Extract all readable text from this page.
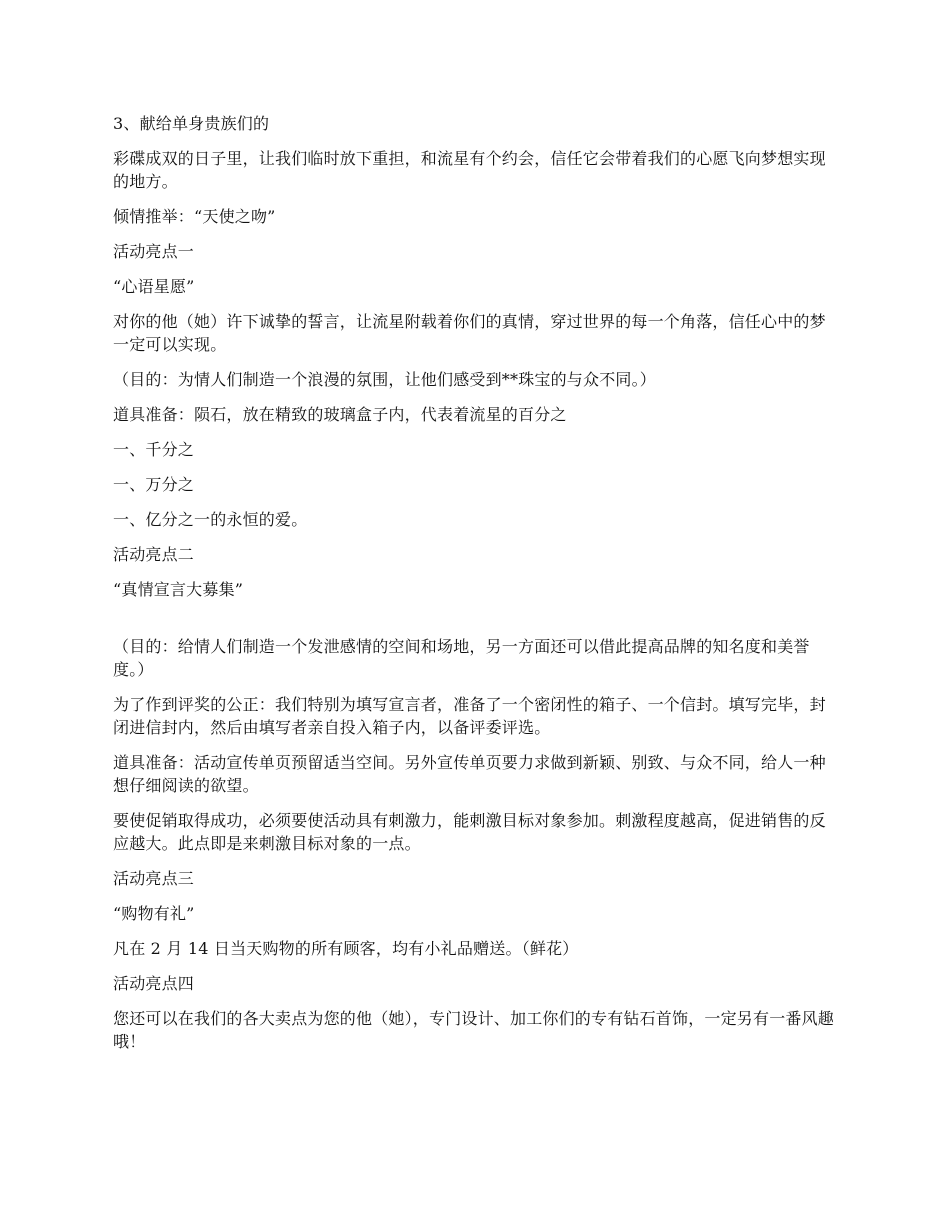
3、献给单身贵族们的

彩碟成双的日子里，让我们临时放下重担，和流星有个约会，信任它会带着我们的心愿飞向梦想实现的地方。

倾情推举：“天使之吻”

活动亮点一

“心语星愿”

对你的他（她）许下诚挚的誓言，让流星附载着你们的真情，穿过世界的每一个角落，信任心中的梦一定可以实现。

（目的：为情人们制造一个浪漫的氛围，让他们感受到**珠宝的与众不同。）

道具准备：陨石，放在精致的玻璃盒子内，代表着流星的百分之

一、千分之

一、万分之

一、亿分之一的永恒的爱。

活动亮点二

“真情宣言大募集”

（目的：给情人们制造一个发泄感情的空间和场地，另一方面还可以借此提高品牌的知名度和美誉度。）

为了作到评奖的公正：我们特别为填写宣言者，准备了一个密闭性的箱子、一个信封。填写完毕，封闭进信封内，然后由填写者亲自投入箱子内，以备评委评选。

道具准备：活动宣传单页预留适当空间。另外宣传单页要力求做到新颖、别致、与众不同，给人一种想仔细阅读的欲望。

要使促销取得成功，必须要使活动具有刺激力，能刺激目标对象参加。刺激程度越高，促进销售的反应越大。此点即是来刺激目标对象的一点。

活动亮点三

“购物有礼”

凡在 2 月 14 日当天购物的所有顾客，均有小礼品赠送。（鲜花）

活动亮点四

您还可以在我们的各大卖点为您的他（她），专门设计、加工你们的专有钻石首饰，一定另有一番风趣哦！
